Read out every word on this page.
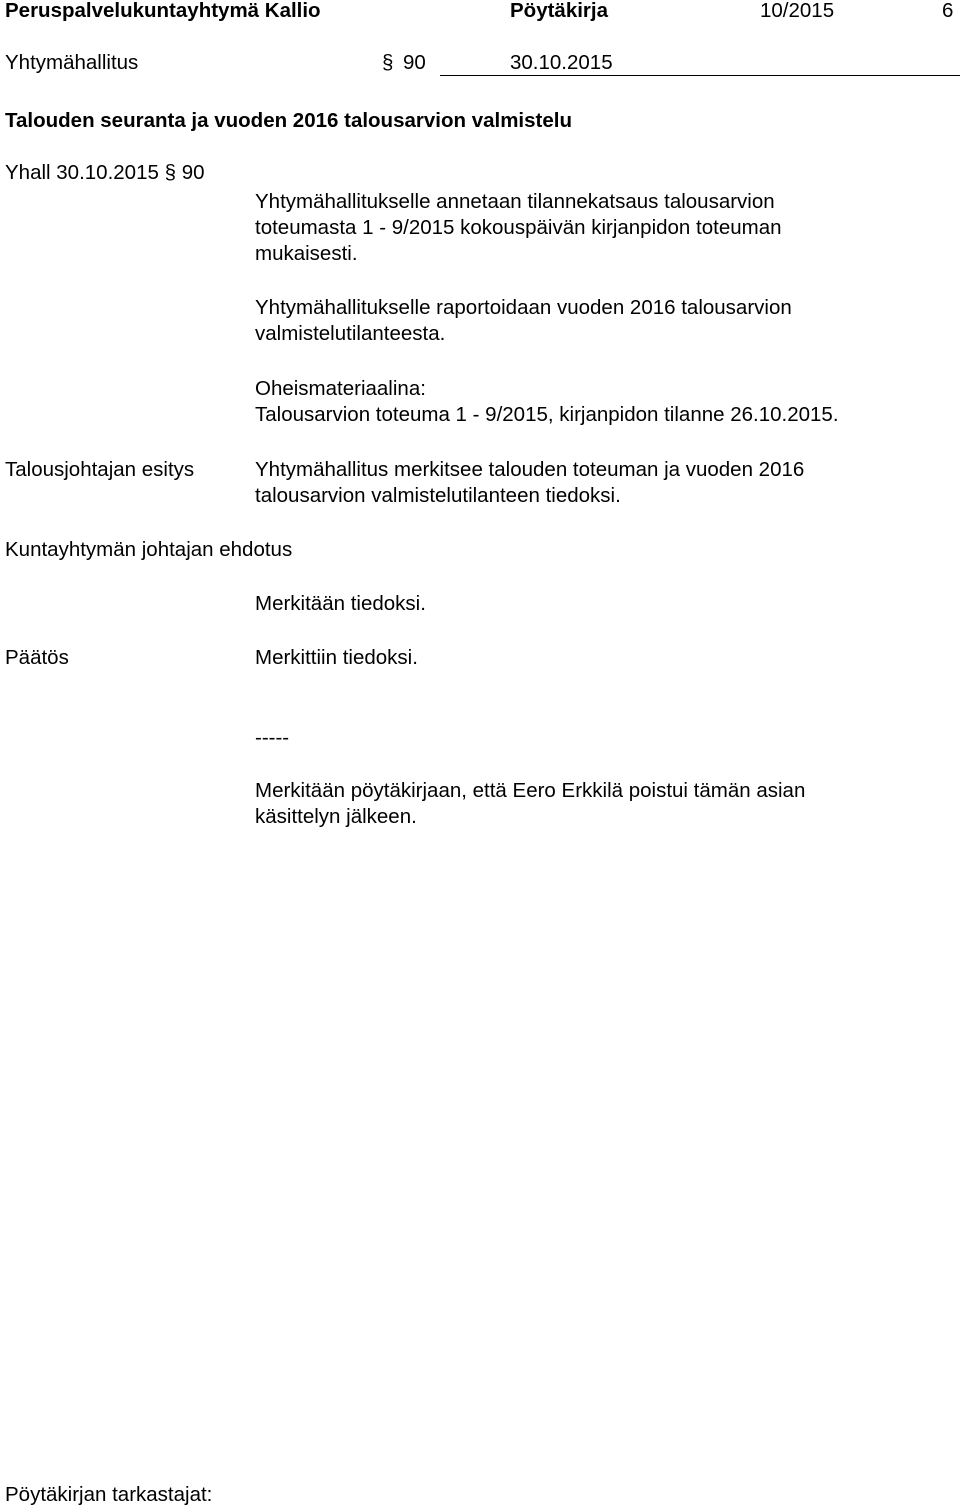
Peruspalvelukuntayhtymä Kallio	Pöytäkirja	10/2015	6
Yhtymähallitus	§ 90	30.10.2015
Talouden seuranta ja vuoden 2016 talousarvion valmistelu
Yhall 30.10.2015 § 90
Yhtymähallitukselle annetaan tilannekatsaus talousarvion
toteumasta 1 - 9/2015 kokouspäivän kirjanpidon toteuman
mukaisesti.
Yhtymähallitukselle raportoidaan vuoden 2016 talousarvion
valmistelutilanteesta.
Oheismateriaalina:
Talousarvion toteuma 1 - 9/2015, kirjanpidon tilanne 26.10.2015.
Talousjohtajan esitys	Yhtymähallitus merkitsee talouden toteuman ja vuoden 2016
talousarvion valmistelutilanteen tiedoksi.
Kuntayhtymän johtajan ehdotus
Merkitään tiedoksi.
Päätös	Merkittiin tiedoksi.
-----
Merkitään pöytäkirjaan, että Eero Erkkilä poistui tämän asian
käsittelyn jälkeen.
Pöytäkirjan tarkastajat:
